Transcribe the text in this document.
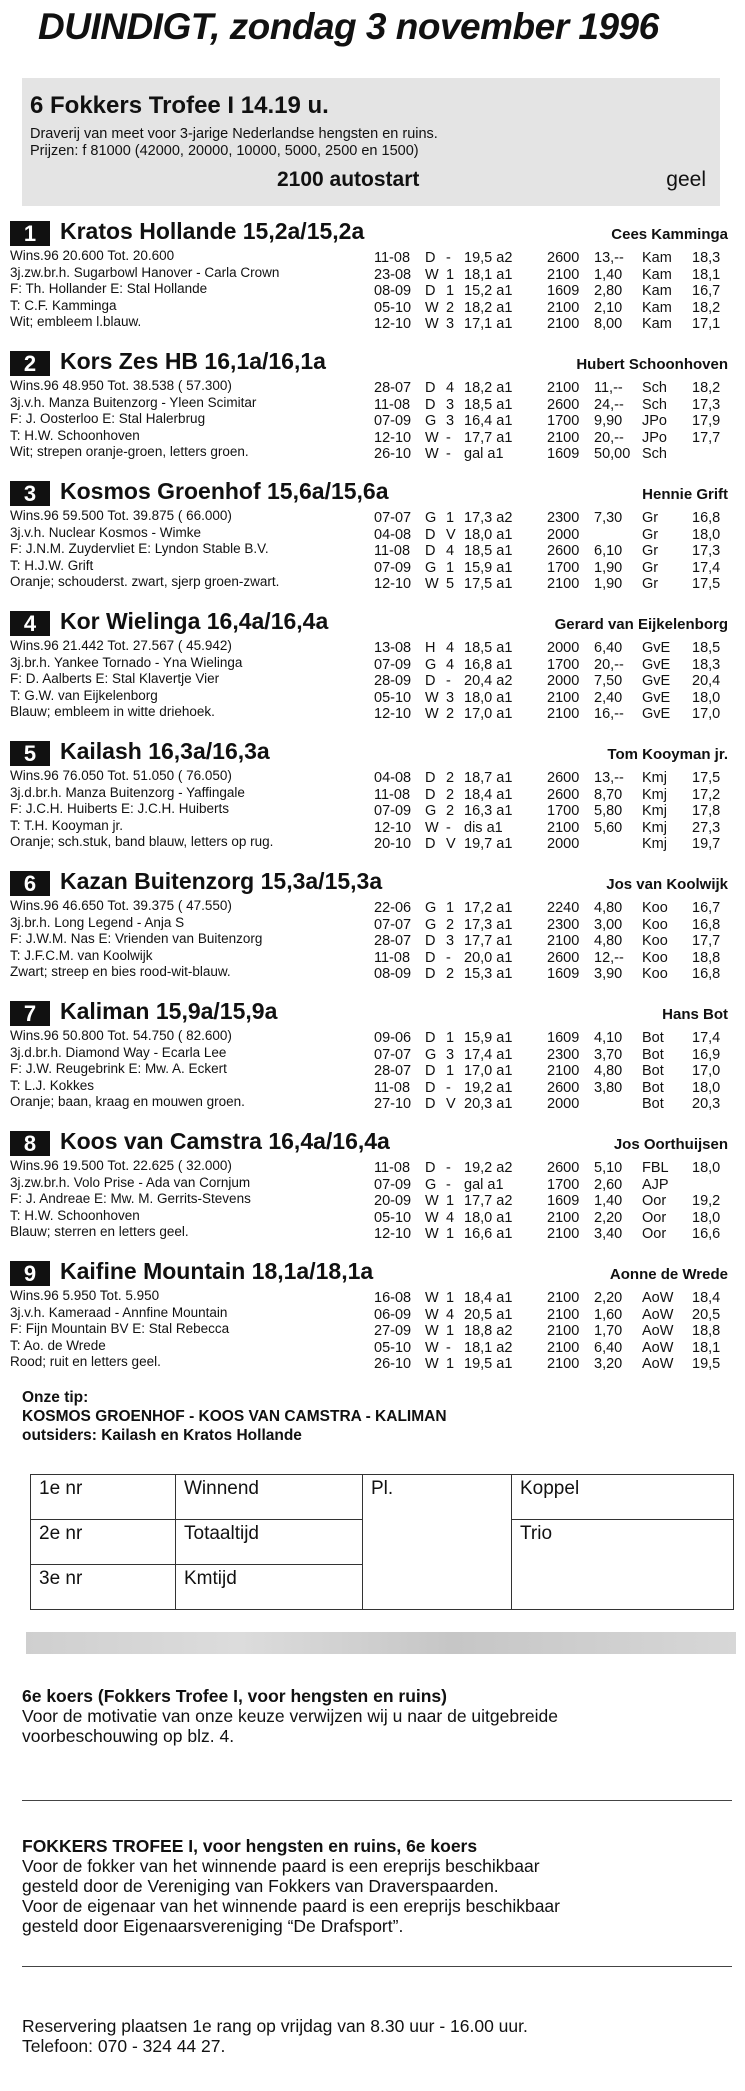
DUINDIGT, zondag 3 november 1996
6 Fokkers Trofee I 14.19 u.
Draverij van meet voor 3-jarige Nederlandse hengsten en ruins.
Prijzen: f 81000 (42000, 20000, 10000, 5000, 2500 en 1500)
2100 autostart	geel
1	Kratos Hollande 15,2a/15,2a	Cees Kamminga
Wins.96 20.600 Tot. 20.600
3j.zw.br.h. Sugarbowl Hanover - Carla Crown
F: Th. Hollander E: Stal Hollande
T: C.F. Kamminga
Wit; embleem l.blauw.
11-08 D - 19,5 a2 2600 13,-- Kam 18,3
23-08 W 1 18,1 a1 2100 1,40 Kam 18,1
08-09 D 1 15,2 a1 1609 2,80 Kam 16,7
05-10 W 2 18,2 a1 2100 2,10 Kam 18,2
12-10 W 3 17,1 a1 2100 8,00 Kam 17,1
2	Kors Zes HB 16,1a/16,1a	Hubert Schoonhoven
Wins.96 48.950 Tot. 38.538 ( 57.300)
3j.v.h. Manza Buitenzorg - Yleen Scimitar
F: J. Oosterloo E: Stal Halerbrug
T: H.W. Schoonhoven
Wit; strepen oranje-groen, letters groen.
28-07 D 4 18,2 a1 2100 11,-- Sch 18,2
11-08 D 3 18,5 a1 2600 24,-- Sch 17,3
07-09 G 3 16,4 a1 1700 9,90 JPo 17,9
12-10 W - 17,7 a1 2100 20,-- JPo 17,7
26-10 W - gal a1	1609 50,00 Sch
3	Kosmos Groenhof 15,6a/15,6a	Hennie Grift
Wins.96 59.500 Tot. 39.875 ( 66.000)
3j.v.h. Nuclear Kosmos - Wimke
F: J.N.M. Zuydervliet E: Lyndon Stable B.V.
T: H.J.W. Grift
Oranje; schouderst. zwart, sjerp groen-zwart.
07-07 G 1 17,3 a2 2300 7,30 Gr 16,8
04-08 D V 18,0 a1 2000	Gr 18,0
11-08 D 4 18,5 a1 2600 6,10 Gr 17,3
07-09 G 1 15,9 a1 1700 1,90 Gr 17,4
12-10 W 5 17,5 a1 2100 1,90 Gr 17,5
4	Kor Wielinga 16,4a/16,4a	Gerard van Eijkelenborg
Wins.96 21.442 Tot. 27.567 ( 45.942)
3j.br.h. Yankee Tornado - Yna Wielinga
F: D. Aalberts E: Stal Klavertje Vier
T: G.W. van Eijkelenborg
Blauw; embleem in witte driehoek.
13-08 H 4 18,5 a1 2000 6,40 GvE 18,5
07-09 G 4 16,8 a1 1700 20,-- GvE 18,3
28-09 D - 20,4 a2 2000 7,50 GvE 20,4
05-10 W 3 18,0 a1 2100 2,40 GvE 18,0
12-10 W 2 17,0 a1 2100 16,-- GvE 17,0
5	Kailash 16,3a/16,3a	Tom Kooyman jr.
Wins.96 76.050 Tot. 51.050 ( 76.050)
3j.d.br.h. Manza Buitenzorg - Yaffingale
F: J.C.H. Huiberts E: J.C.H. Huiberts
T: T.H. Kooyman jr.
Oranje; sch.stuk, band blauw, letters op rug.
04-08 D 2 18,7 a1 2600 13,-- Kmj 17,5
11-08 D 2 18,4 a1 2600 8,70 Kmj 17,2
07-09 G 2 16,3 a1 1700 5,80 Kmj 17,8
12-10 W - dis a1	2100 5,60 Kmj 27,3
20-10 D V 19,7 a1 2000	Kmj 19,7
6	Kazan Buitenzorg 15,3a/15,3a	Jos van Koolwijk
Wins.96 46.650 Tot. 39.375 ( 47.550)
3j.br.h. Long Legend - Anja S
F: J.W.M. Nas E: Vrienden van Buitenzorg
T: J.F.C.M. van Koolwijk
Zwart; streep en bies rood-wit-blauw.
22-06 G 1 17,2 a1 2240 4,80 Koo 16,7
07-07 G 2 17,3 a1 2300 3,00 Koo 16,8
28-07 D 3 17,7 a1 2100 4,80 Koo 17,7
11-08 D - 20,0 a1 2600 12,-- Koo 18,8
08-09 D 2 15,3 a1 1609 3,90 Koo 16,8
7	Kaliman 15,9a/15,9a	Hans Bot
Wins.96 50.800 Tot. 54.750 ( 82.600)
3j.d.br.h. Diamond Way - Ecarla Lee
F: J.W. Reugebrink E: Mw. A. Eckert
T: L.J. Kokkes
Oranje; baan, kraag en mouwen groen.
09-06 D 1 15,9 a1 1609 4,10 Bot 17,4
07-07 G 3 17,4 a1 2300 3,70 Bot 16,9
28-07 D 1 17,0 a1 2100 4,80 Bot 17,0
11-08 D - 19,2 a1 2600 3,80 Bot 18,0
27-10 D V 20,3 a1 2000	Bot 20,3
8	Koos van Camstra 16,4a/16,4a	Jos Oorthuijsen
Wins.96 19.500 Tot. 22.625 ( 32.000)
3j.zw.br.h. Volo Prise - Ada van Cornjum
F: J. Andreae E: Mw. M. Gerrits-Stevens
T: H.W. Schoonhoven
Blauw; sterren en letters geel.
11-08 D - 19,2 a2 2600 5,10 FBL 18,0
07-09 G - gal a1	1700 2,60 AJP
20-09 W 1 17,7 a2 1609 1,40 Oor 19,2
05-10 W 4 18,0 a1 2100 2,20 Oor 18,0
12-10 W 1 16,6 a1 2100 3,40 Oor 16,6
9	Kaifine Mountain 18,1a/18,1a	Aonne de Wrede
Wins.96 5.950 Tot. 5.950
3j.v.h. Kameraad - Annfine Mountain
F: Fijn Mountain BV E: Stal Rebecca
T: Ao. de Wrede
Rood; ruit en letters geel.
16-08 W 1 18,4 a1 2100 2,20 AoW 18,4
06-09 W 4 20,5 a1 2100 1,60 AoW 20,5
27-09 W 1 18,8 a2 2100 1,70 AoW 18,8
05-10 W - 18,1 a2 2100 6,40 AoW 18,1
26-10 W 1 19,5 a1 2100 3,20 AoW 19,5
Onze tip:
KOSMOS GROENHOF - KOOS VAN CAMSTRA - KALIMAN
outsiders: Kailash en Kratos Hollande
1e nr	Winnend	Pl.	Koppel
2e nr	Totaaltijd		Trio
3e nr	Kmtijd		
6e koers (Fokkers Trofee I, voor hengsten en ruins)
Voor de motivatie van onze keuze verwijzen wij u naar de uitgebreide
voorbeschouwing op blz. 4.
FOKKERS TROFEE I, voor hengsten en ruins, 6e koers
Voor de fokker van het winnende paard is een ereprijs beschikbaar
gesteld door de Vereniging van Fokkers van Draverspaarden.
Voor de eigenaar van het winnende paard is een ereprijs beschikbaar
gesteld door Eigenaarsvereniging “De Drafsport”.
Reservering plaatsen 1e rang op vrijdag van 8.30 uur - 16.00 uur.
Telefoon: 070 - 324 44 27.
